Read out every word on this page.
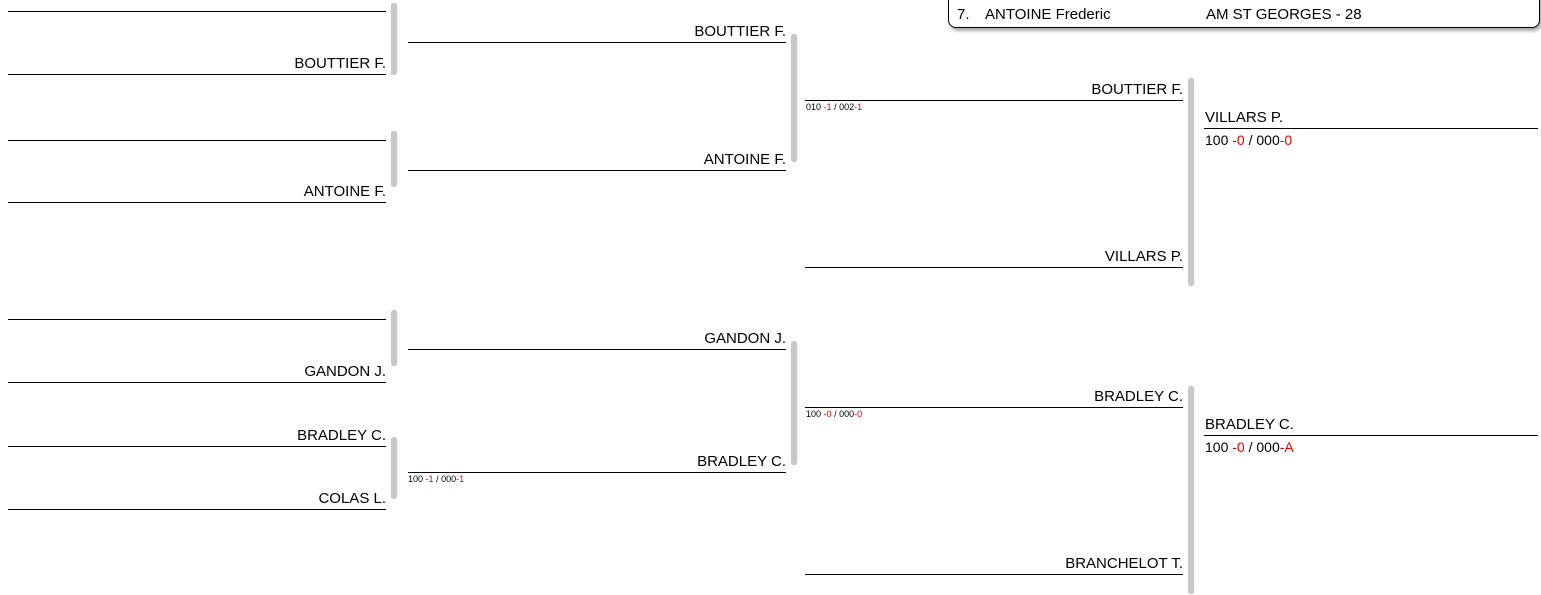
7. ANTOINE Frederic	AM ST GEORGES - 28
BOUTTIER F.
ANTOINE F.
GANDON J.
BRADLEY C.
COLAS L.
BOUTTIER F.
ANTOINE F.
GANDON J.
BRADLEY C.
100 -1 / 000-1
BOUTTIER F.
010 -1 / 002-1
VILLARS P.
BRADLEY C.
100 -0 / 000-0
BRANCHELOT T.
VILLARS P.
100 -0 / 000-0
BRADLEY C.
100 -0 / 000-A
